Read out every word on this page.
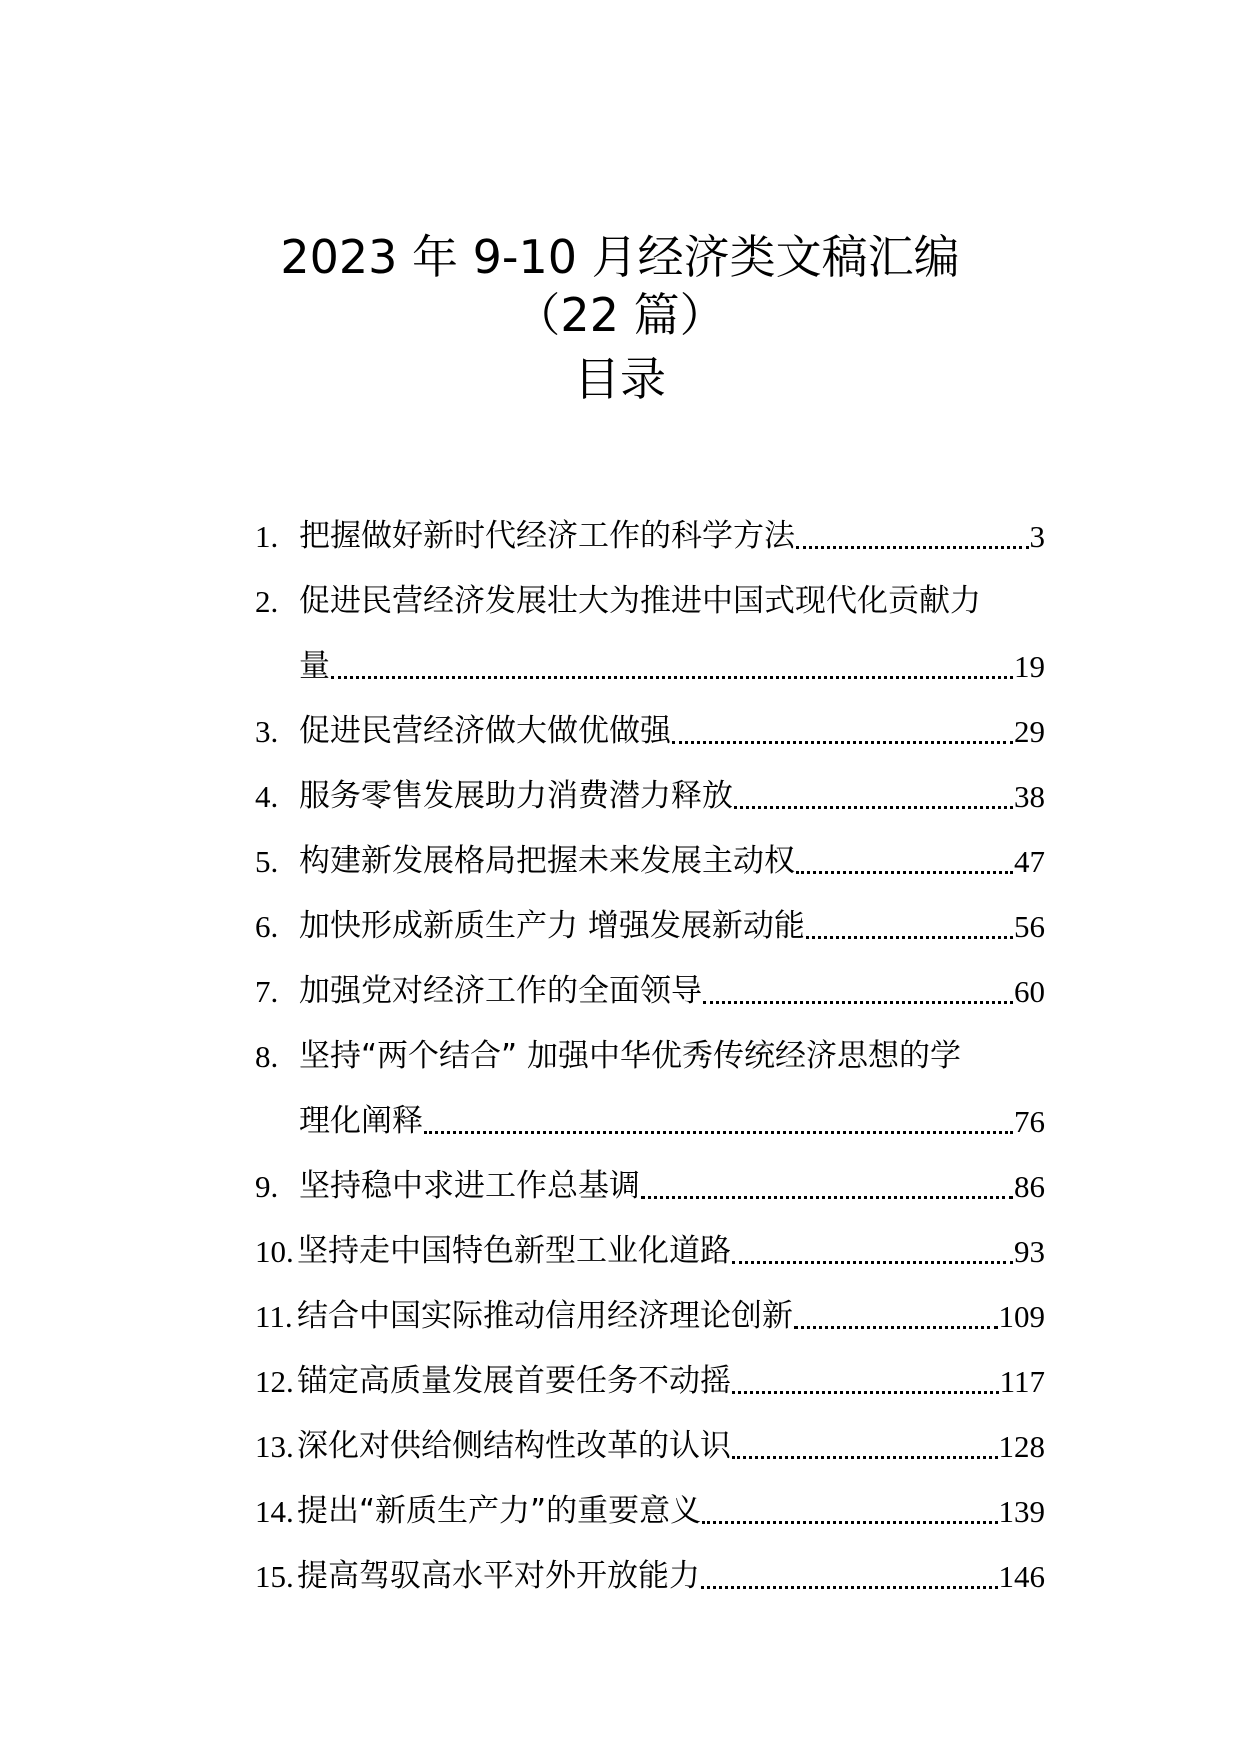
2023 年 9-10 月经济类文稿汇编
（22 篇）
目录
1. 把握做好新时代经济工作的科学方法	3
2. 促进民营经济发展壮大为推进中国式现代化贡献力
量	19
3. 促进民营经济做大做优做强	29
4. 服务零售发展助力消费潜力释放	38
5. 构建新发展格局把握未来发展主动权	47
6. 加快形成新质生产力 增强发展新动能	56
7. 加强党对经济工作的全面领导	60
8. 坚持“两个结合” 加强中华优秀传统经济思想的学
理化阐释	76
9. 坚持稳中求进工作总基调	86
10. 坚持走中国特色新型工业化道路	93
11. 结合中国实际推动信用经济理论创新	109
12. 锚定高质量发展首要任务不动摇	117
13. 深化对供给侧结构性改革的认识	128
14. 提出“新质生产力”的重要意义	139
15. 提高驾驭高水平对外开放能力	146
